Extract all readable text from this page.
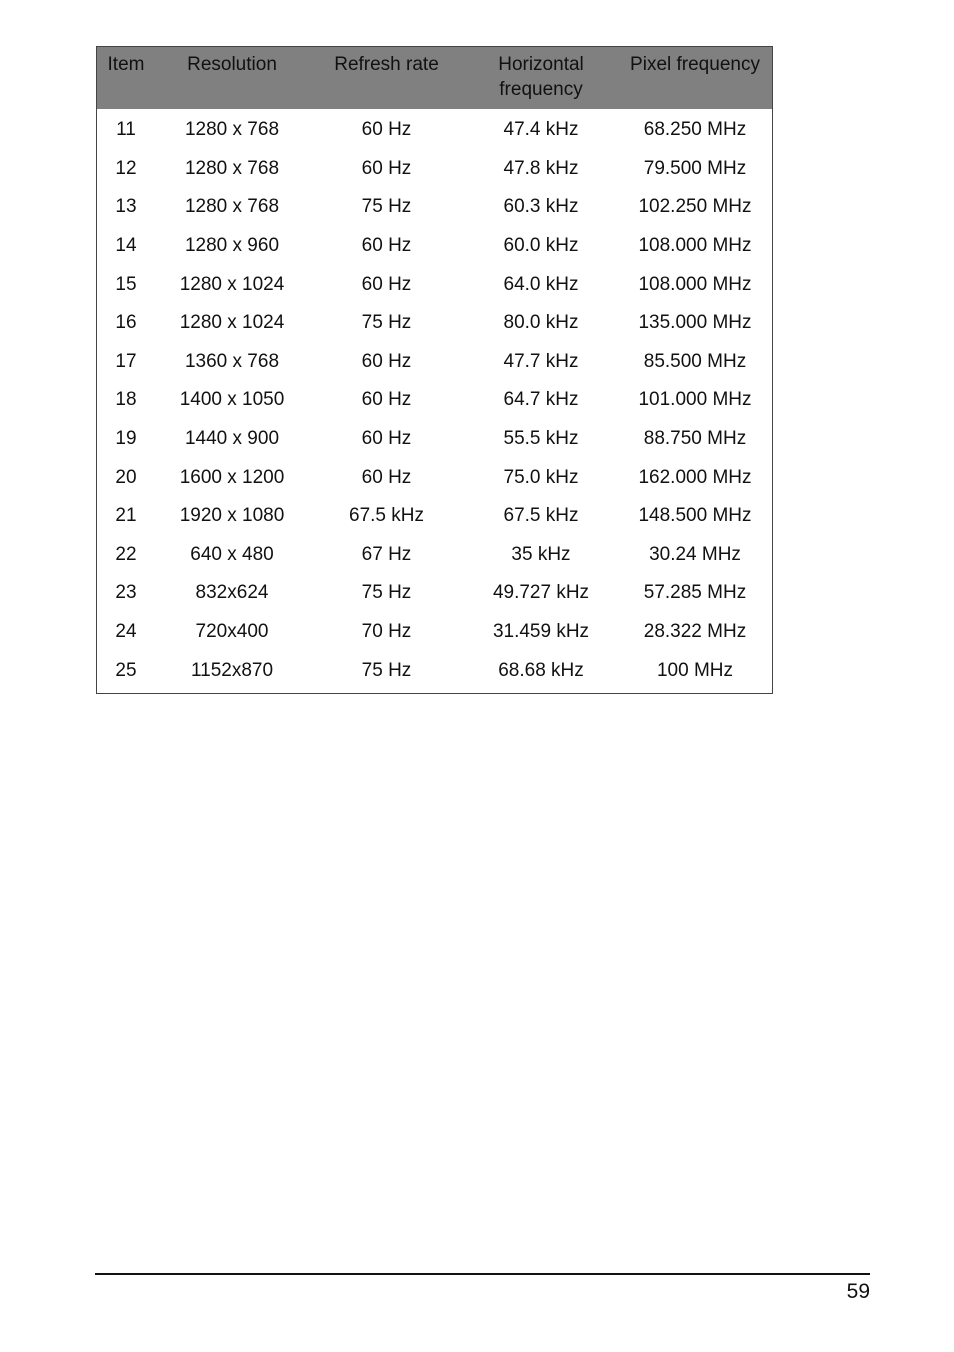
Item	Resolution	Refresh rate	Horizontal frequency	Pixel frequency
11	1280 x 768	60 Hz	47.4 kHz	68.250 MHz
12	1280 x 768	60 Hz	47.8 kHz	79.500 MHz
13	1280 x 768	75 Hz	60.3 kHz	102.250 MHz
14	1280 x 960	60 Hz	60.0 kHz	108.000 MHz
15	1280 x 1024	60 Hz	64.0 kHz	108.000 MHz
16	1280 x 1024	75 Hz	80.0 kHz	135.000 MHz
17	1360 x 768	60 Hz	47.7 kHz	85.500 MHz
18	1400 x 1050	60 Hz	64.7 kHz	101.000 MHz
19	1440 x 900	60 Hz	55.5 kHz	88.750 MHz
20	1600 x 1200	60 Hz	75.0 kHz	162.000 MHz
21	1920 x 1080	67.5 kHz	67.5 kHz	148.500 MHz
22	640 x 480	67 Hz	35 kHz	30.24 MHz
23	832x624	75 Hz	49.727 kHz	57.285 MHz
24	720x400	70 Hz	31.459 kHz	28.322 MHz
25	1152x870	75 Hz	68.68 kHz	100 MHz
59
